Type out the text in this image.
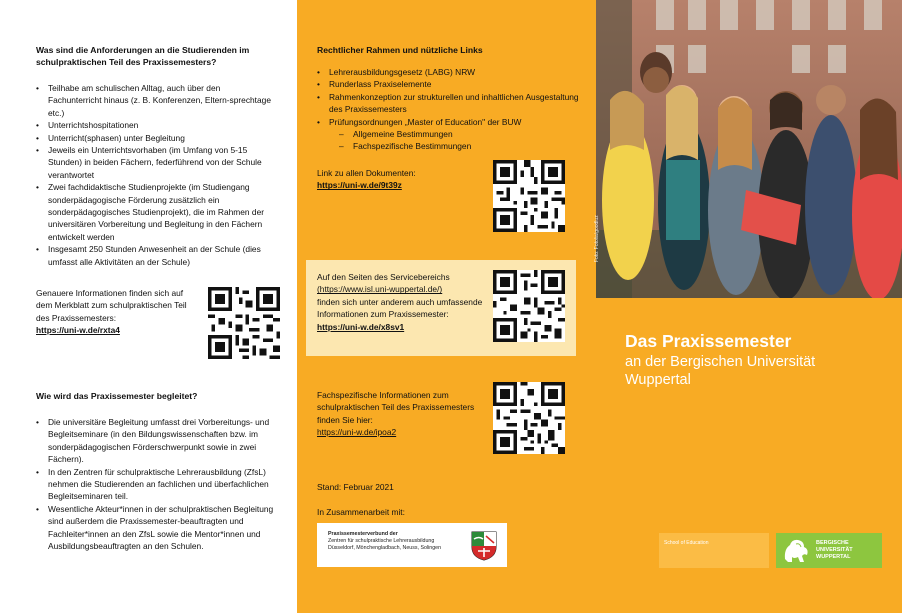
Was sind die Anforderungen an die Studierenden im schulpraktischen Teil des Praxissemesters?
• Teilhabe am schulischen Alltag, auch über den Fachunterricht hinaus (z. B. Konferenzen, Eltern-sprechtage etc.)
• Unterrichtshospitationen
• Unterricht(sphasen) unter Begleitung
• Jeweils ein Unterrichtsvorhaben (im Umfang von 5-15 Stunden) in beiden Fächern, federführend von der Schule verantwortet
• Zwei fachdidaktische Studienprojekte (im Studiengang sonderpädagogische Förderung zusätzlich ein sonderpädagogisches Studienprojekt), die im Rahmen der universitären Vorbereitung und Begleitung in den Fächern entwickelt werden
• Insgesamt 250 Stunden Anwesenheit an der Schule (dies umfasst alle Aktivitäten an der Schule)
Genauere Informationen finden sich auf dem Merkblatt zum schulpraktischen Teil des Praxissemesters:
https://uni-w.de/rxta4
Wie wird das Praxissemester begleitet?
• Die universitäre Begleitung umfasst drei Vorbereitungs- und Begleitseminare (in den Bildungswissenschaften bzw. im sonderpädagogischen Förderschwerpunkt sowie in zwei Fächern).
• In den Zentren für schulpraktische Lehrerausbildung (ZfsL) nehmen die Studierenden an fachlichen und überfachlichen Begleitseminaren teil.
• Wesentliche Akteur*innen in der schulpraktischen Begleitung sind außerdem die Praxissemester-beauftragten und Fachleiter*innen an den ZfsL sowie die Mentor*innen und Ausbildungsbeauftragten an den Schulen.
Rechtlicher Rahmen und nützliche Links
• Lehrerausbildungsgesetz (LABG) NRW
• Runderlass Praxiselemente
• Rahmenkonzeption zur strukturellen und inhaltlichen Ausgestaltung des Praxissemesters
• Prüfungsordnungen „Master of Education" der BUW
– Allgemeine Bestimmungen
– Fachspezifische Bestimmungen
Link zu allen Dokumenten:
https://uni-w.de/9t39z
Auf den Seiten des Servicebereichs
(https://www.isl.uni-wuppertal.de/)
finden sich unter anderem auch umfassende Informationen zum Praxissemester:
https://uni-w.de/x8sv1
Fachspezifische Informationen zum schulpraktischen Teil des Praxissemesters finden Sie hier:
https://uni-w.de/ipoa2
Stand: Februar 2021
In Zusammenarbeit mit:
Praxissemesterverbund der
Zentren für schulpraktische Lehrerausbildung
Düsseldorf, Mönchengladbach, Neuss, Solingen
Foto: Fotolia/goodluz
Das Praxissemester
an der Bergischen Universität Wuppertal
School of Education	BERGISCHE
UNIVERSITÄT
WUPPERTAL
